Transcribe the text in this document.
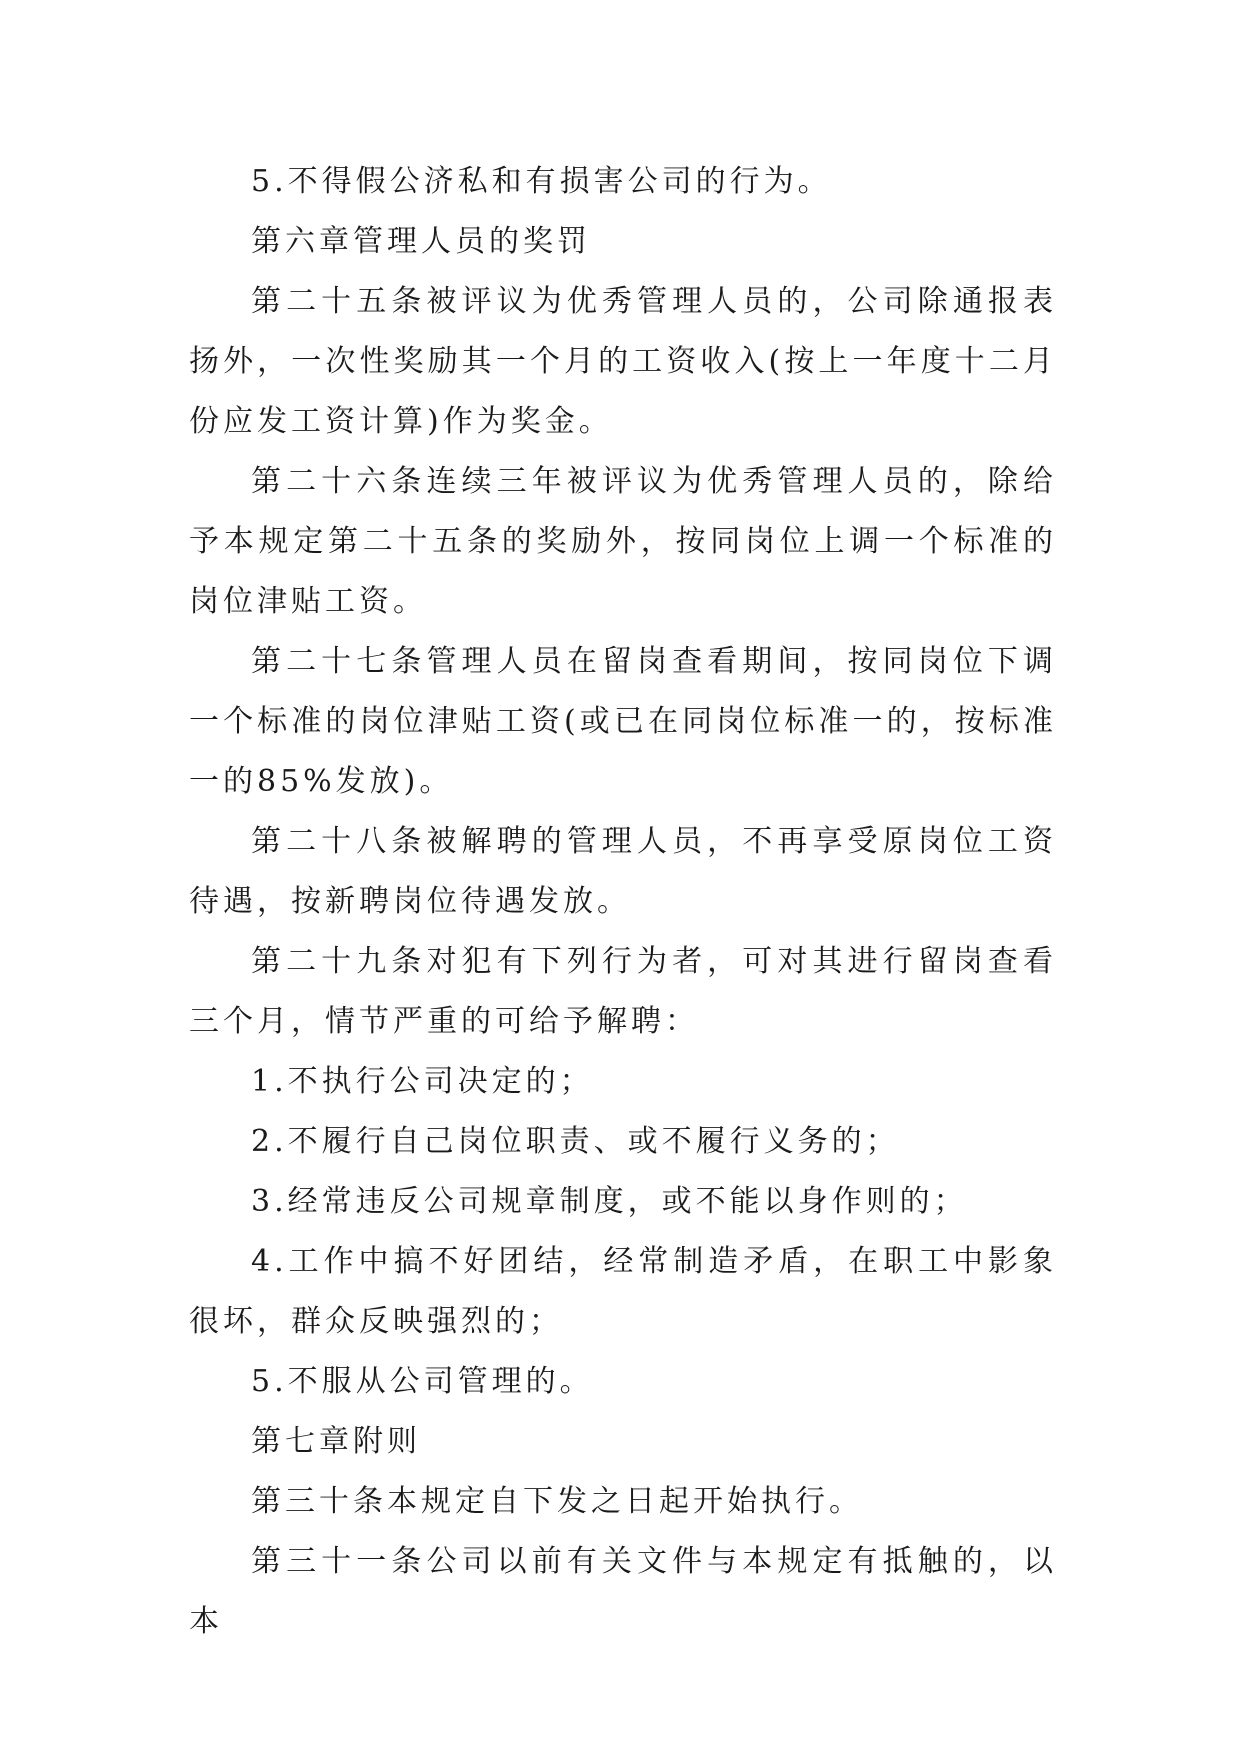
5.不得假公济私和有损害公司的行为。

第六章管理人员的奖罚

第二十五条被评议为优秀管理人员的，公司除通报表扬外，一次性奖励其一个月的工资收入(按上一年度十二月份应发工资计算)作为奖金。

第二十六条连续三年被评议为优秀管理人员的，除给予本规定第二十五条的奖励外，按同岗位上调一个标准的岗位津贴工资。

第二十七条管理人员在留岗查看期间，按同岗位下调一个标准的岗位津贴工资(或已在同岗位标准一的，按标准一的85%发放)。

第二十八条被解聘的管理人员，不再享受原岗位工资待遇，按新聘岗位待遇发放。

第二十九条对犯有下列行为者，可对其进行留岗查看三个月，情节严重的可给予解聘：

1.不执行公司决定的；

2.不履行自己岗位职责、或不履行义务的；

3.经常违反公司规章制度，或不能以身作则的；

4.工作中搞不好团结，经常制造矛盾，在职工中影象很坏，群众反映强烈的；

5.不服从公司管理的。

第七章附则

第三十条本规定自下发之日起开始执行。

第三十一条公司以前有关文件与本规定有抵触的，以本
